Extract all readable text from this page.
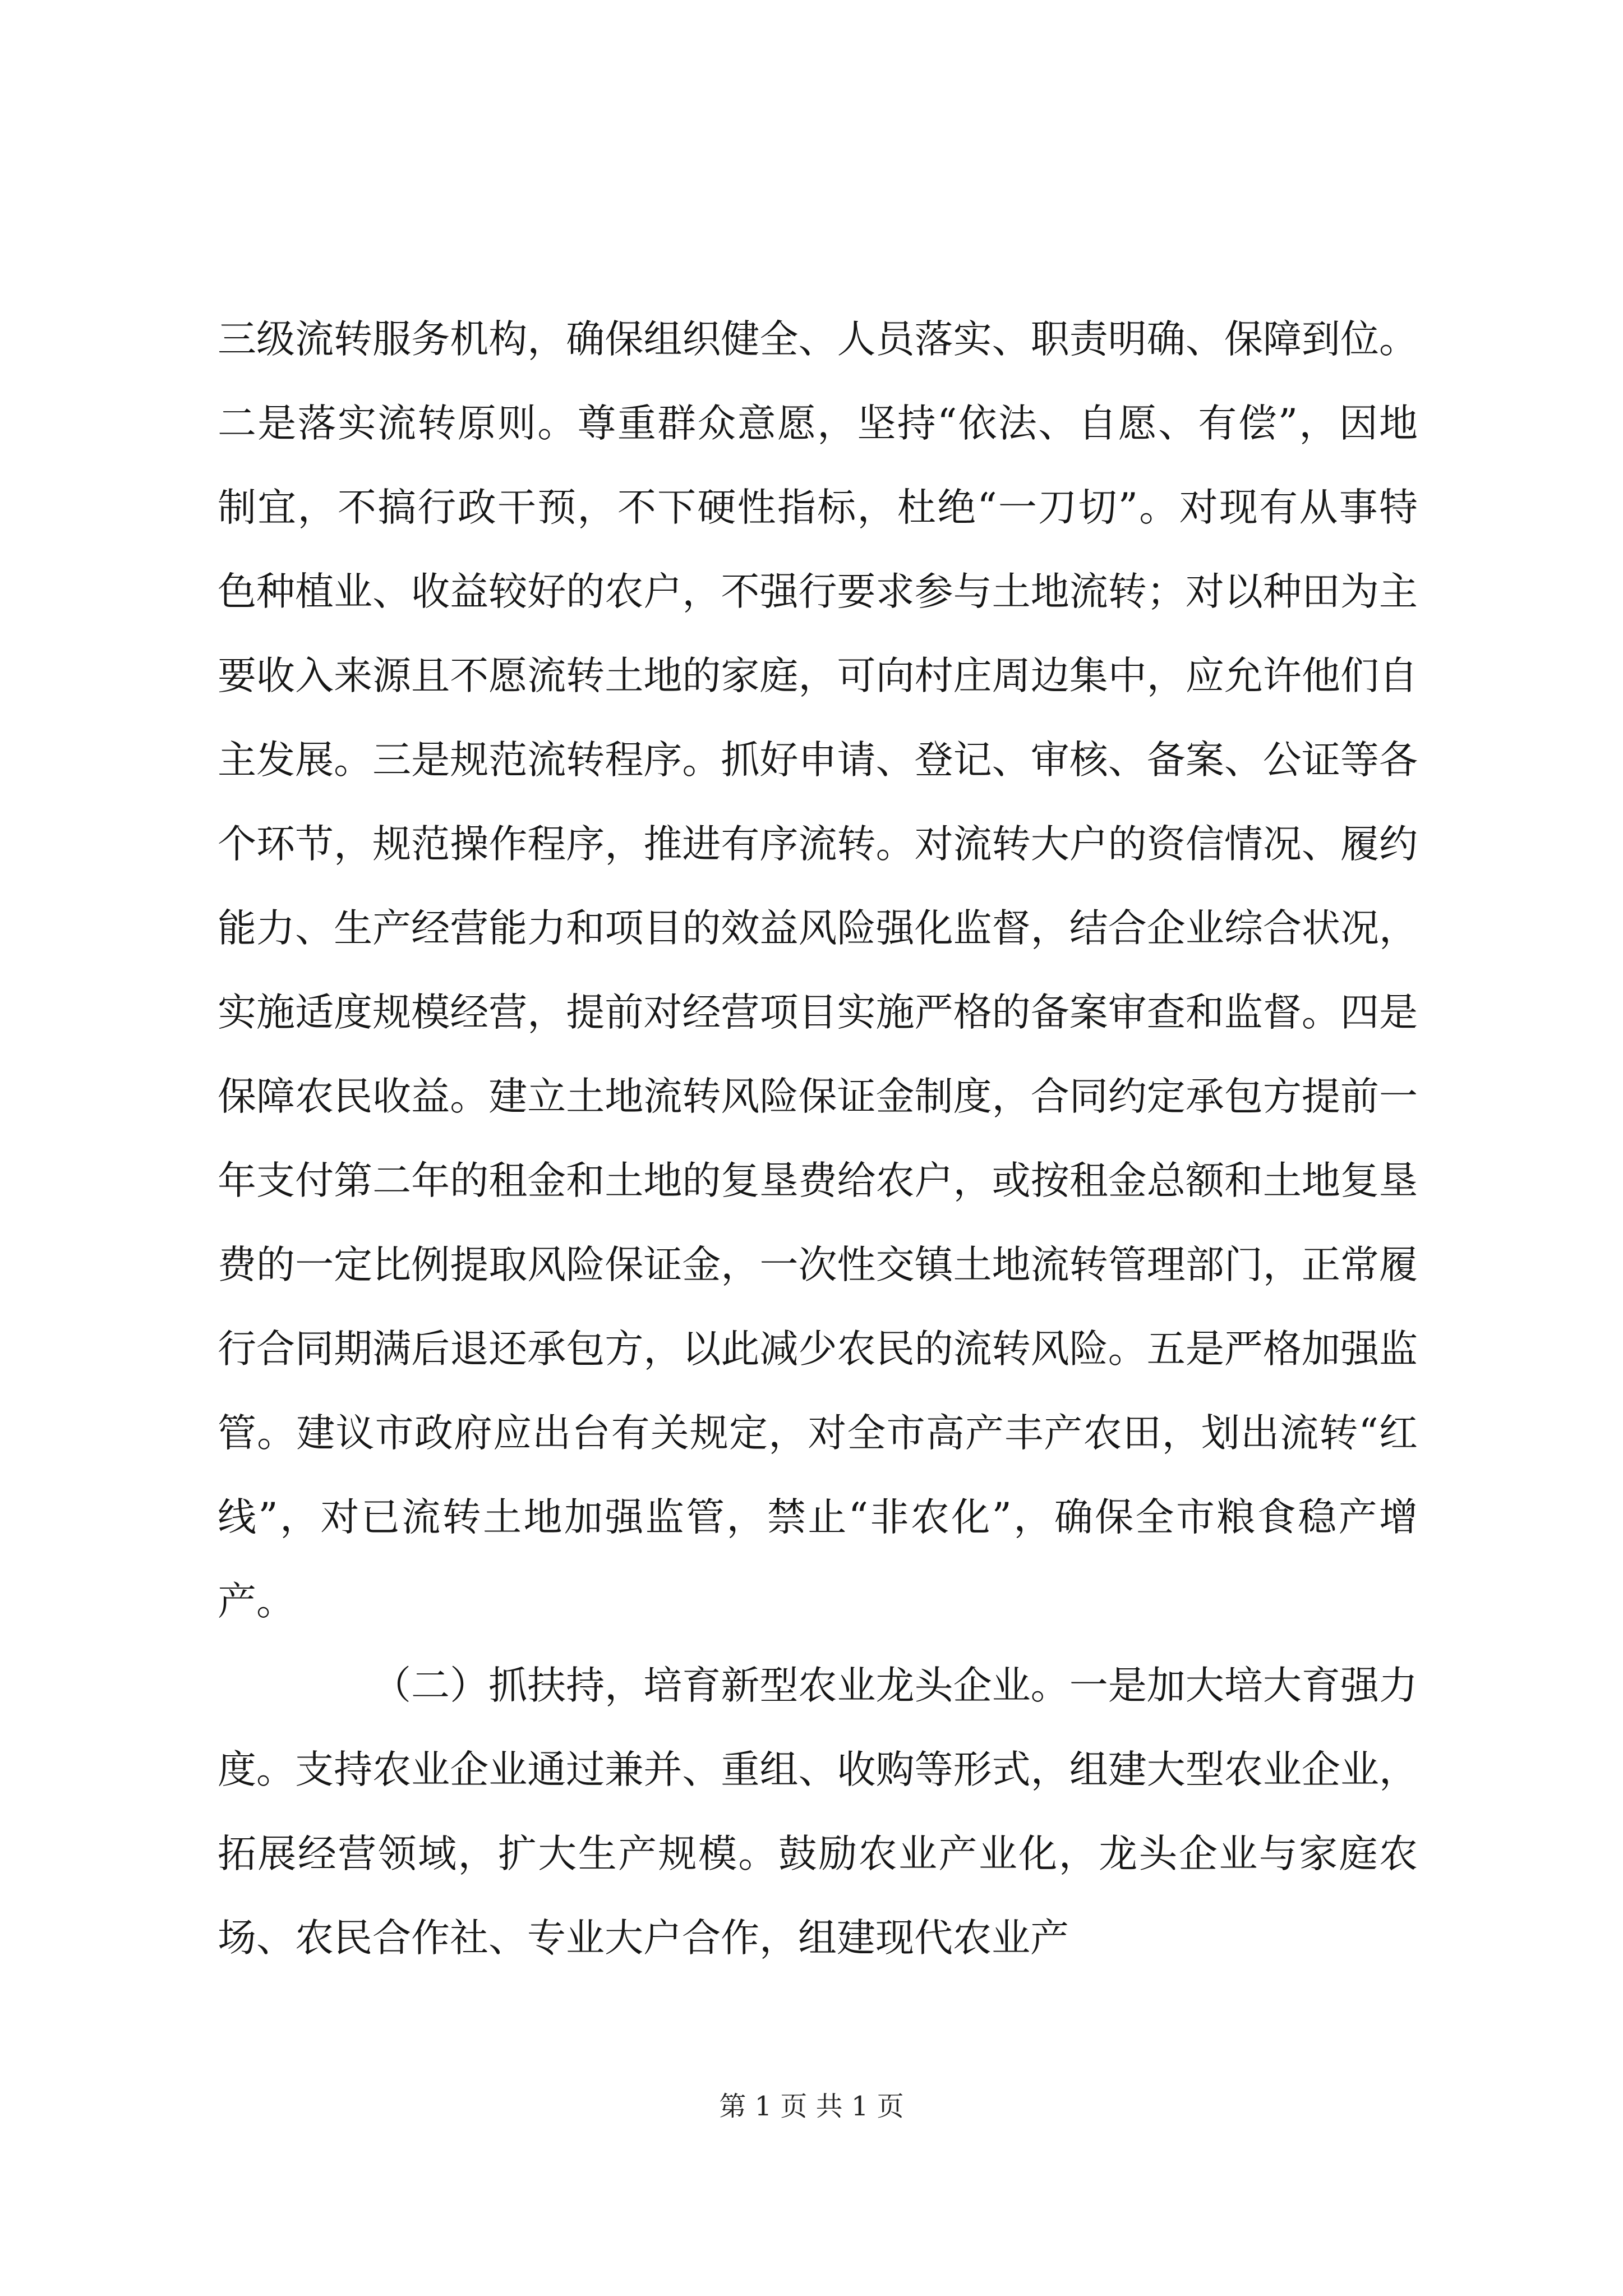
三级流转服务机构，确保组织健全、人员落实、职责明确、保障到位。二是落实流转原则。尊重群众意愿，坚持“依法、自愿、有偿”，因地制宜，不搞行政干预，不下硬性指标，杜绝“一刀切”。对现有从事特色种植业、收益较好的农户，不强行要求参与土地流转；对以种田为主要收入来源且不愿流转土地的家庭，可向村庄周边集中，应允许他们自主发展。三是规范流转程序。抓好申请、登记、审核、备案、公证等各个环节，规范操作程序，推进有序流转。对流转大户的资信情况、履约能力、生产经营能力和项目的效益风险强化监督，结合企业综合状况，实施适度规模经营，提前对经营项目实施严格的备案审查和监督。四是保障农民收益。建立土地流转风险保证金制度，合同约定承包方提前一年支付第二年的租金和土地的复垦费给农户，或按租金总额和土地复垦费的一定比例提取风险保证金，一次性交镇土地流转管理部门，正常履行合同期满后退还承包方，以此减少农民的流转风险。五是严格加强监管。建议市政府应出台有关规定，对全市高产丰产农田，划出流转“红线”，对已流转土地加强监管，禁止“非农化”，确保全市粮食稳产增产。

（二）抓扶持，培育新型农业龙头企业。一是加大培大育强力度。支持农业企业通过兼并、重组、收购等形式，组建大型农业企业，拓展经营领域，扩大生产规模。鼓励农业产业化，龙头企业与家庭农场、农民合作社、专业大户合作，组建现代农业产

第 1 页 共 1 页
